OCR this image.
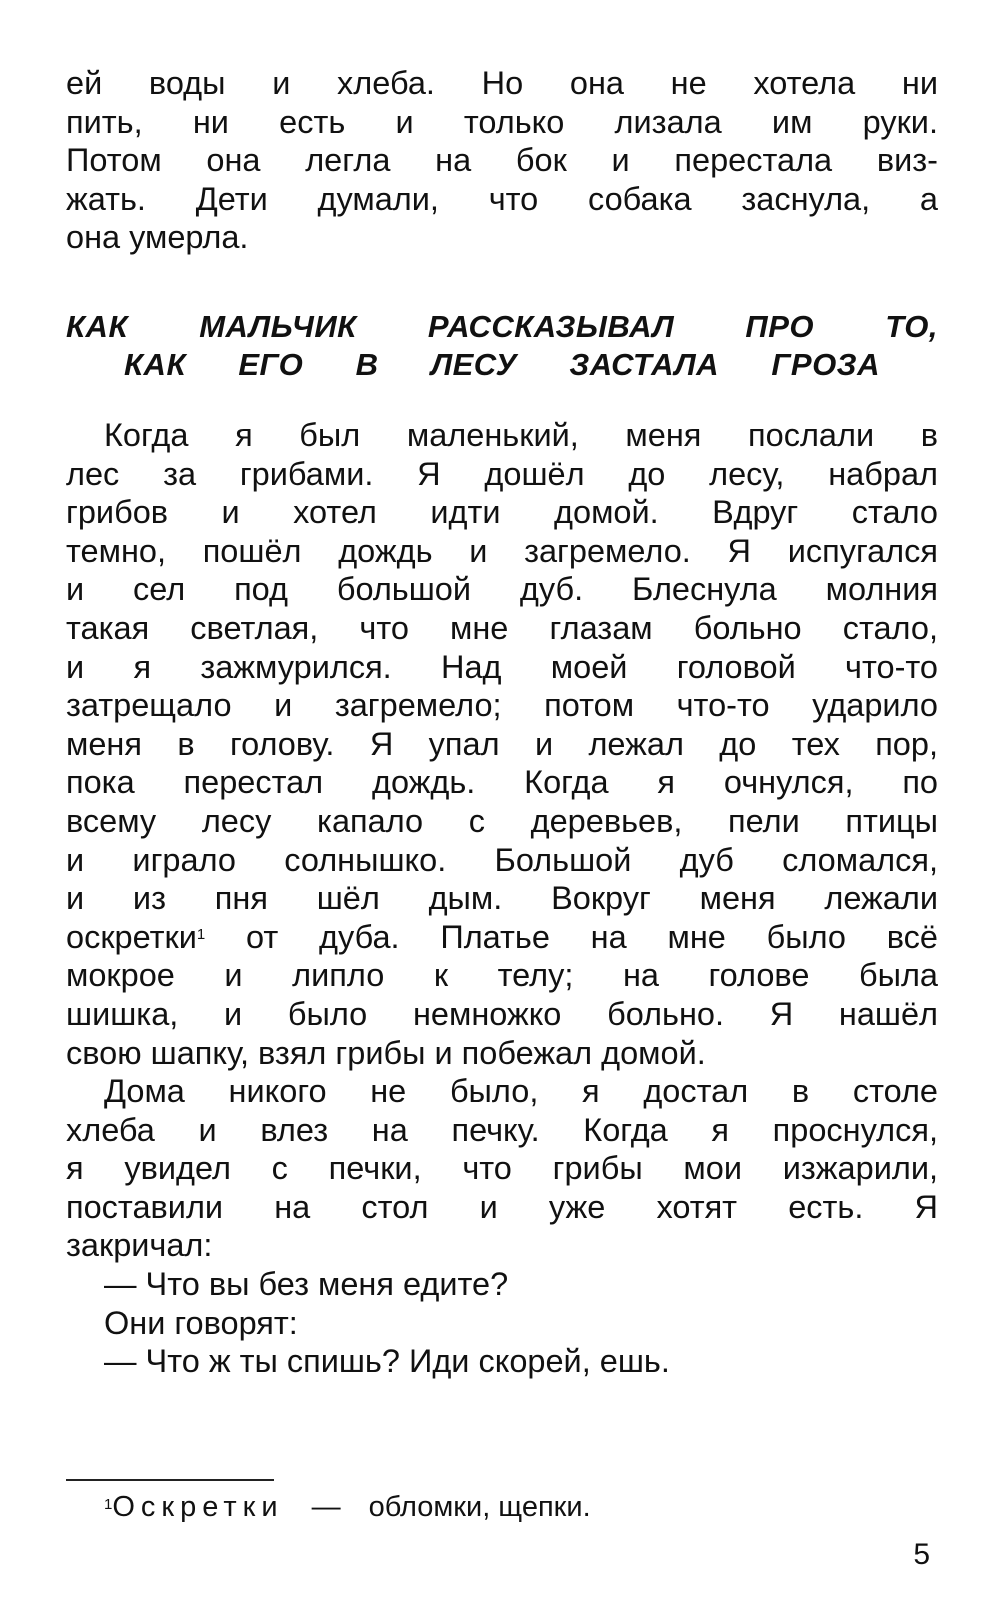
ей воды и хлеба. Но она не хотела ни
пить, ни есть и только лизала им руки.
Потом она легла на бок и перестала виз-
жать. Дети думали, что собака заснула, а
она умерла.
КАК МАЛЬЧИК РАССКАЗЫВАЛ ПРО ТО,
КАК ЕГО В ЛЕСУ ЗАСТАЛА ГРОЗА
Когда я был маленький, меня послали в
лес за грибами. Я дошёл до лесу, набрал
грибов и хотел идти домой. Вдруг стало
темно, пошёл дождь и загремело. Я испугался
и сел под большой дуб. Блеснула молния
такая светлая, что мне глазам больно стало,
и я зажмурился. Над моей головой что-то
затрещало и загремело; потом что-то ударило
меня в голову. Я упал и лежал до тех пор,
пока перестал дождь. Когда я очнулся, по
всему лесу капало с деревьев, пели птицы
и играло солнышко. Большой дуб сломался,
и из пня шёл дым. Вокруг меня лежали
оскретки$^1$ от дуба. Платье на мне было всё
мокрое и липло к телу; на голове была
шишка, и было немножко больно. Я нашёл
свою шапку, взял грибы и побежал домой.
Дома никого не было, я достал в столе
хлеба и влез на печку. Когда я проснулся,
я увидел с печки, что грибы мои изжарили,
поставили на стол и уже хотят есть. Я
закричал:
— Что вы без меня едите?
Они говорят:
— Что ж ты спишь? Иди скорей, ешь.
$^1$Оскретки — обломки, щепки.
5
